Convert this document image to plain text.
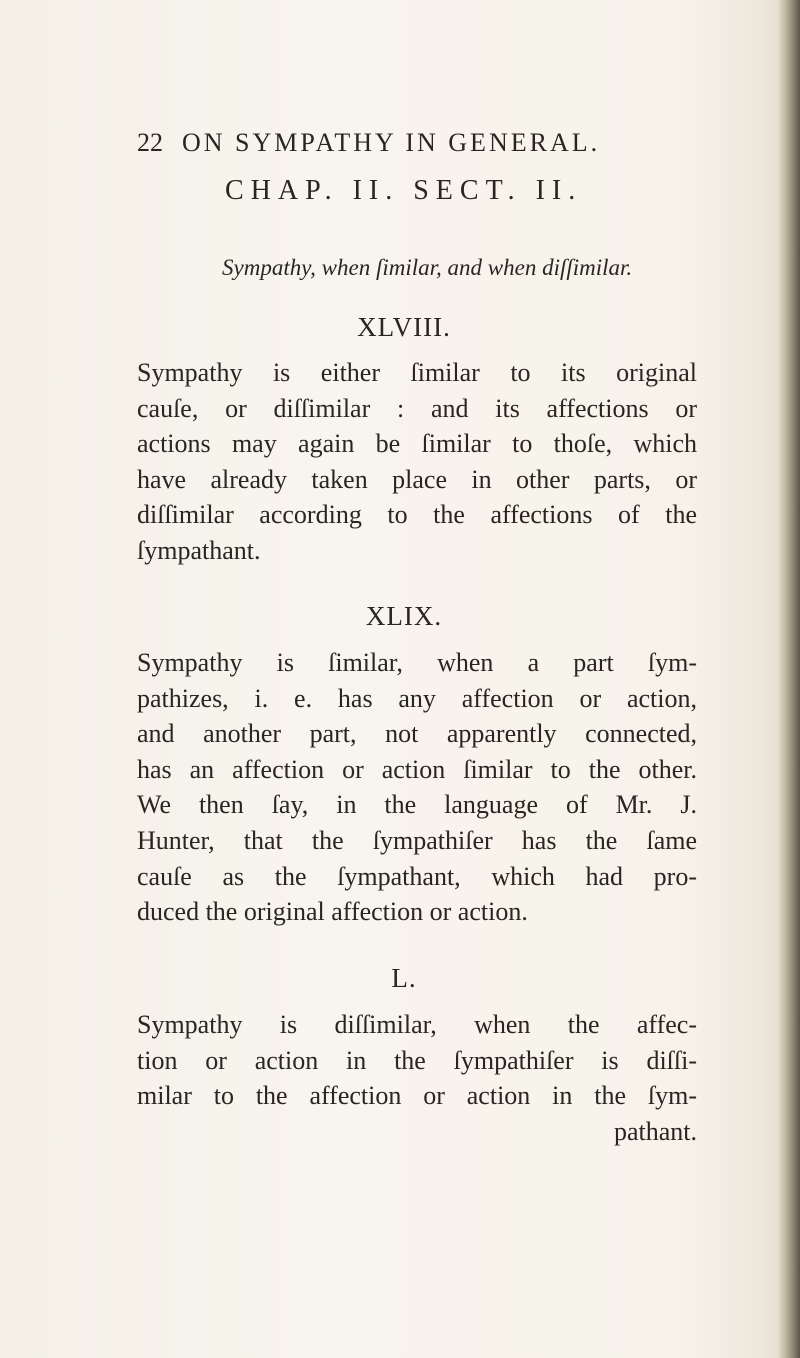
22 ON SYMPATHY IN GENERAL.
CHAP. II. SECT. II.
Sympathy, when ſimilar, and when diſſimilar.
XLVIII.
Sympathy is either ſimilar to its original
cauſe, or diſſimilar : and its affections or
actions may again be ſimilar to thoſe, which
have already taken place in other parts, or
diſſimilar according to the affections of the
ſympathant.
XLIX.
Sympathy is ſimilar, when a part ſym-
pathizes, i. e. has any affection or action,
and another part, not apparently connected,
has an affection or action ſimilar to the other.
We then ſay, in the language of Mr. J.
Hunter, that the ſympathiſer has the ſame
cauſe as the ſympathant, which had pro-
duced the original affection or action.
L.
Sympathy is diſſimilar, when the affec-
tion or action in the ſympathiſer is diſſi-
milar to the affection or action in the ſym-
pathant.
